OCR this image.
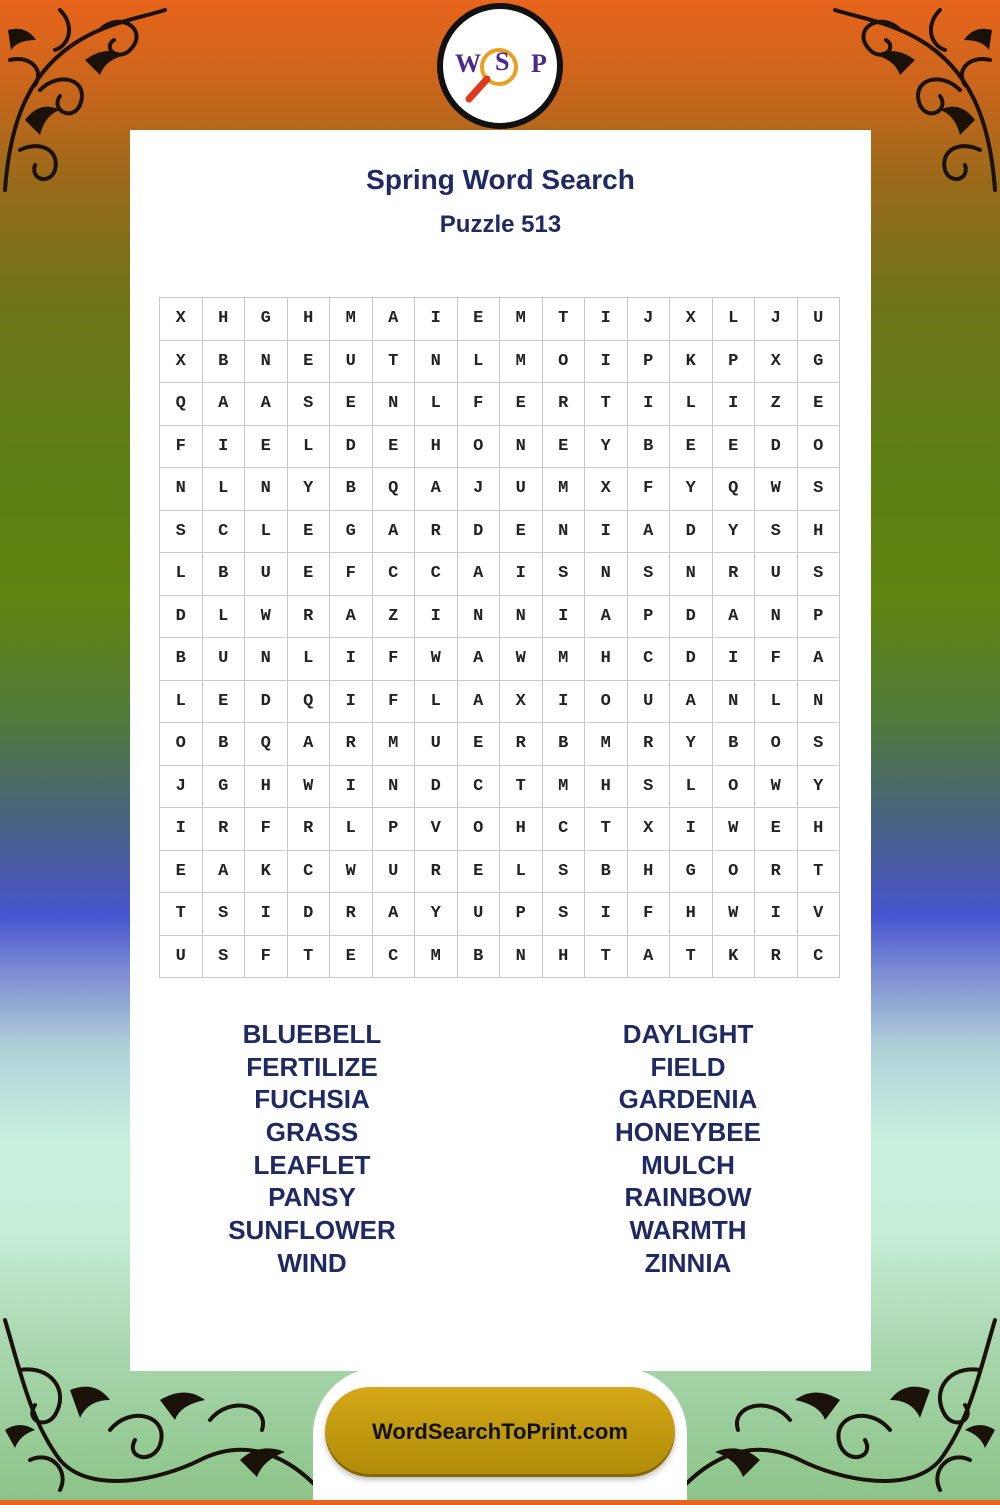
W S P
Spring Word Search
Puzzle 513
X	H	G	H	M	A	I	E	M	T	I	J	X	L	J	U
X	B	N	E	U	T	N	L	M	O	I	P	K	P	X	G
Q	A	A	S	E	N	L	F	E	R	T	I	L	I	Z	E
F	I	E	L	D	E	H	O	N	E	Y	B	E	E	D	O
N	L	N	Y	B	Q	A	J	U	M	X	F	Y	Q	W	S
S	C	L	E	G	A	R	D	E	N	I	A	D	Y	S	H
L	B	U	E	F	C	C	A	I	S	N	S	N	R	U	S
D	L	W	R	A	Z	I	N	N	I	A	P	D	A	N	P
B	U	N	L	I	F	W	A	W	M	H	C	D	I	F	A
L	E	D	Q	I	F	L	A	X	I	O	U	A	N	L	N
O	B	Q	A	R	M	U	E	R	B	M	R	Y	B	O	S
J	G	H	W	I	N	D	C	T	M	H	S	L	O	W	Y
I	R	F	R	L	P	V	O	H	C	T	X	I	W	E	H
E	A	K	C	W	U	R	E	L	S	B	H	G	O	R	T
T	S	I	D	R	A	Y	U	P	S	I	F	H	W	I	V
U	S	F	T	E	C	M	B	N	H	T	A	T	K	R	C
BLUEBELL
FERTILIZE
FUCHSIA
GRASS
LEAFLET
PANSY
SUNFLOWER
WIND
DAYLIGHT
FIELD
GARDENIA
HONEYBEE
MULCH
RAINBOW
WARMTH
ZINNIA
WordSearchToPrint.com
